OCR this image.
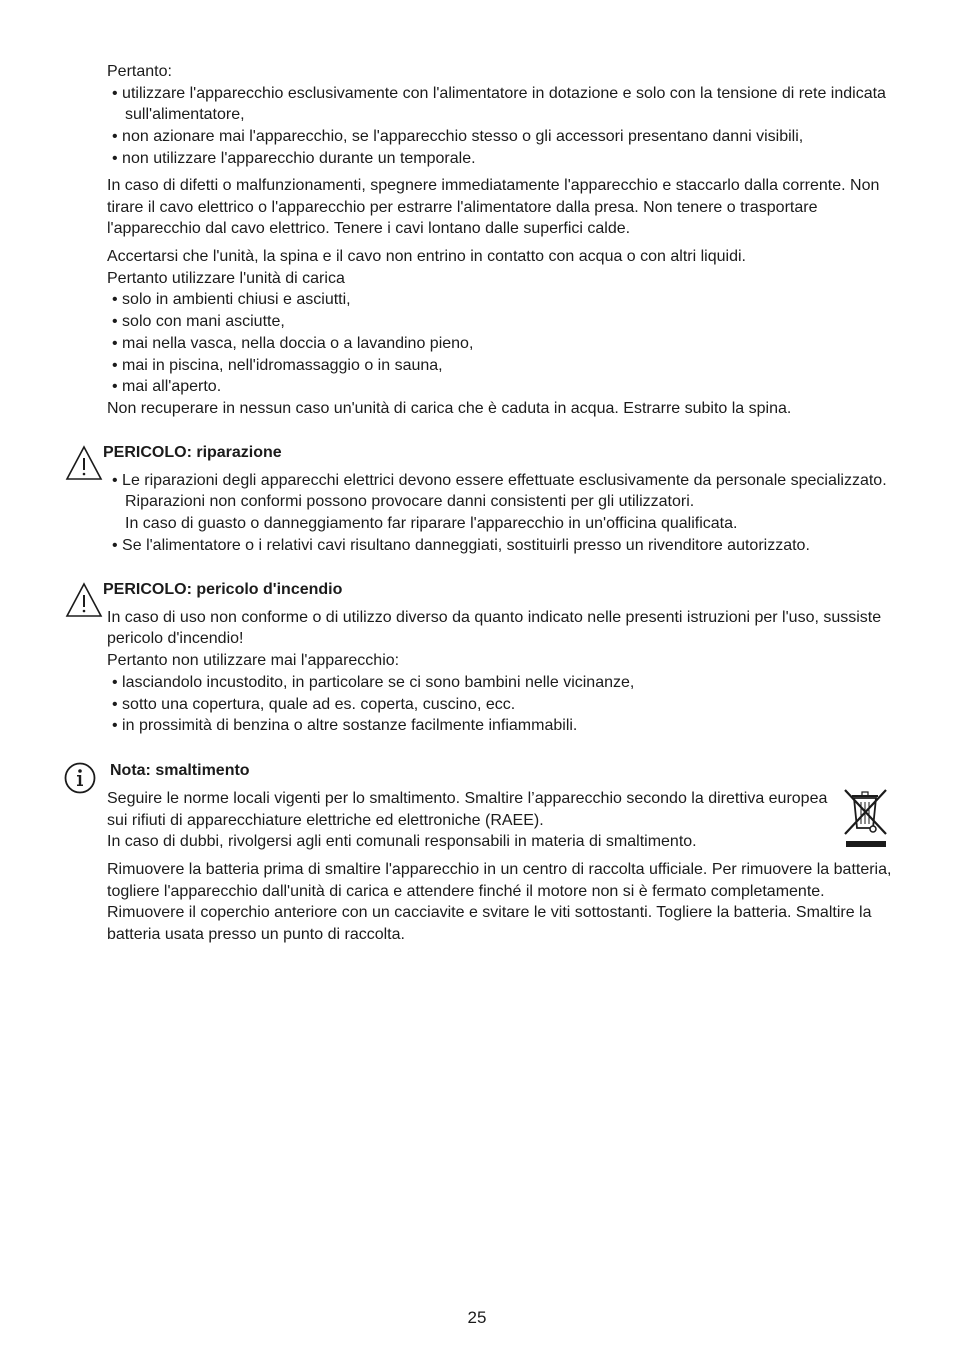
Pertanto:

• utilizzare l'apparecchio esclusivamente con l'alimentatore in dotazione e solo con la tensione di rete indicata sull'alimentatore,
• non azionare mai l'apparecchio, se l'apparecchio stesso o gli accessori presentano danni visibili,
• non utilizzare l'apparecchio durante un temporale.

In caso di difetti o malfunzionamenti, spegnere immediatamente l'apparecchio e staccarlo dalla corrente. Non tirare il cavo elettrico o l'apparecchio per estrarre l'alimentatore dalla presa. Non tenere o trasportare l'apparecchio dal cavo elettrico. Tenere i cavi lontano dalle superfici calde.

Accertarsi che l'unità, la spina e il cavo non entrino in contatto con acqua o con altri liquidi.
Pertanto utilizzare l'unità di carica

• solo in ambienti chiusi e asciutti,
• solo con mani asciutte,
• mai nella vasca, nella doccia o a lavandino pieno,
• mai in piscina, nell'idromassaggio o in sauna,
• mai all'aperto.

Non recuperare in nessun caso un'unità di carica che è caduta in acqua. Estrarre subito la spina.

PERICOLO: riparazione

• Le riparazioni degli apparecchi elettrici devono essere effettuate esclusivamente da personale specializzato. Riparazioni non conformi possono provocare danni consistenti per gli utilizzatori.
In caso di guasto o danneggiamento far riparare l'apparecchio in un'officina qualificata.
• Se l'alimentatore o i relativi cavi risultano danneggiati, sostituirli presso un rivenditore autorizzato.

PERICOLO: pericolo d'incendio

In caso di uso non conforme o di utilizzo diverso da quanto indicato nelle presenti istruzioni per l'uso, sussiste pericolo d'incendio!
Pertanto non utilizzare mai l'apparecchio:

• lasciandolo incustodito, in particolare se ci sono bambini nelle vicinanze,
• sotto una copertura, quale ad es. coperta, cuscino, ecc.
• in prossimità di benzina o altre sostanze facilmente infiammabili.

Nota: smaltimento

Seguire le norme locali vigenti per lo smaltimento. Smaltire l’apparecchio secondo la direttiva europea sui rifiuti di apparecchiature elettriche ed elettroniche (RAEE).
In caso di dubbi, rivolgersi agli enti comunali responsabili in materia di smaltimento.

Rimuovere la batteria prima di smaltire l'apparecchio in un centro di raccolta ufficiale. Per rimuovere la batteria, togliere l'apparecchio dall'unità di carica e attendere finché il motore non si è fermato completamente. Rimuovere il coperchio anteriore con un cacciavite e svitare le viti sottostanti. Togliere la batteria. Smaltire la batteria usata presso un punto di raccolta.

25
